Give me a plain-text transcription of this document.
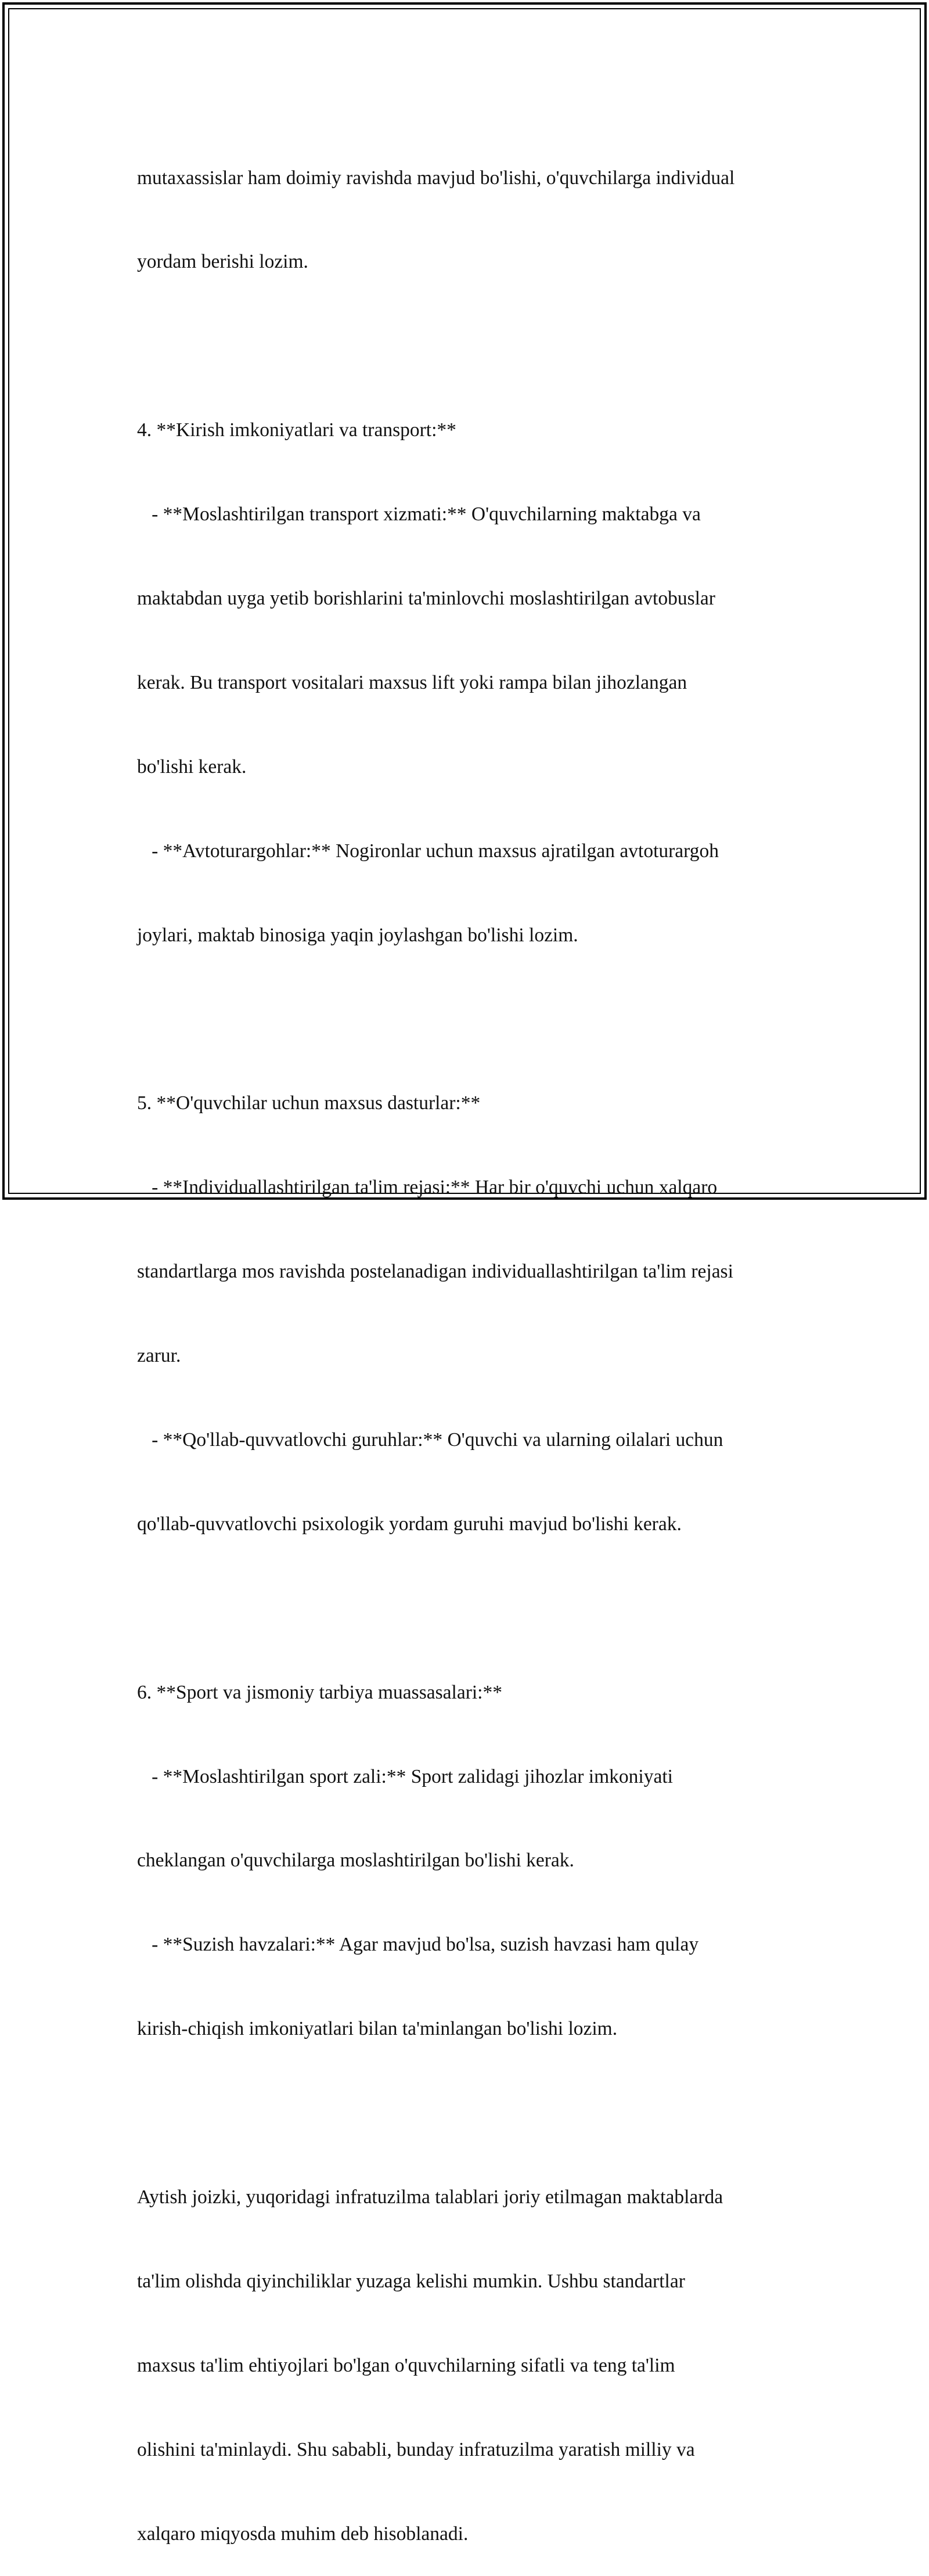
mutaxassislar ham doimiy ravishda mavjud bo'lishi, o'quvchilarga individual

yordam berishi lozim.

4. **Kirish imkoniyatlari va transport:**

- **Moslashtirilgan transport xizmati:** O'quvchilarning maktabga va

maktabdan uyga yetib borishlarini ta'minlovchi moslashtirilgan avtobuslar

kerak. Bu transport vositalari maxsus lift yoki rampa bilan jihozlangan

bo'lishi kerak.

- **Avtoturargohlar:** Nogironlar uchun maxsus ajratilgan avtoturargoh

joylari, maktab binosiga yaqin joylashgan bo'lishi lozim.

5. **O'quvchilar uchun maxsus dasturlar:**

- **Individuallashtirilgan ta'lim rejasi:** Har bir o'quvchi uchun xalqaro

standartlarga mos ravishda postelanadigan individuallashtirilgan ta'lim rejasi

zarur.

- **Qo'llab-quvvatlovchi guruhlar:** O'quvchi va ularning oilalari uchun

qo'llab-quvvatlovchi psixologik yordam guruhi mavjud bo'lishi kerak.

6. **Sport va jismoniy tarbiya muassasalari:**

- **Moslashtirilgan sport zali:** Sport zalidagi jihozlar imkoniyati

cheklangan o'quvchilarga moslashtirilgan bo'lishi kerak.

- **Suzish havzalari:** Agar mavjud bo'lsa, suzish havzasi ham qulay

kirish-chiqish imkoniyatlari bilan ta'minlangan bo'lishi lozim.

Aytish joizki, yuqoridagi infratuzilma talablari joriy etilmagan maktablarda

ta'lim olishda qiyinchiliklar yuzaga kelishi mumkin. Ushbu standartlar

maxsus ta'lim ehtiyojlari bo'lgan o'quvchilarning sifatli va teng ta'lim

olishini ta'minlaydi. Shu sababli, bunday infratuzilma yaratish milliy va

xalqaro miqyosda muhim deb hisoblanadi.
